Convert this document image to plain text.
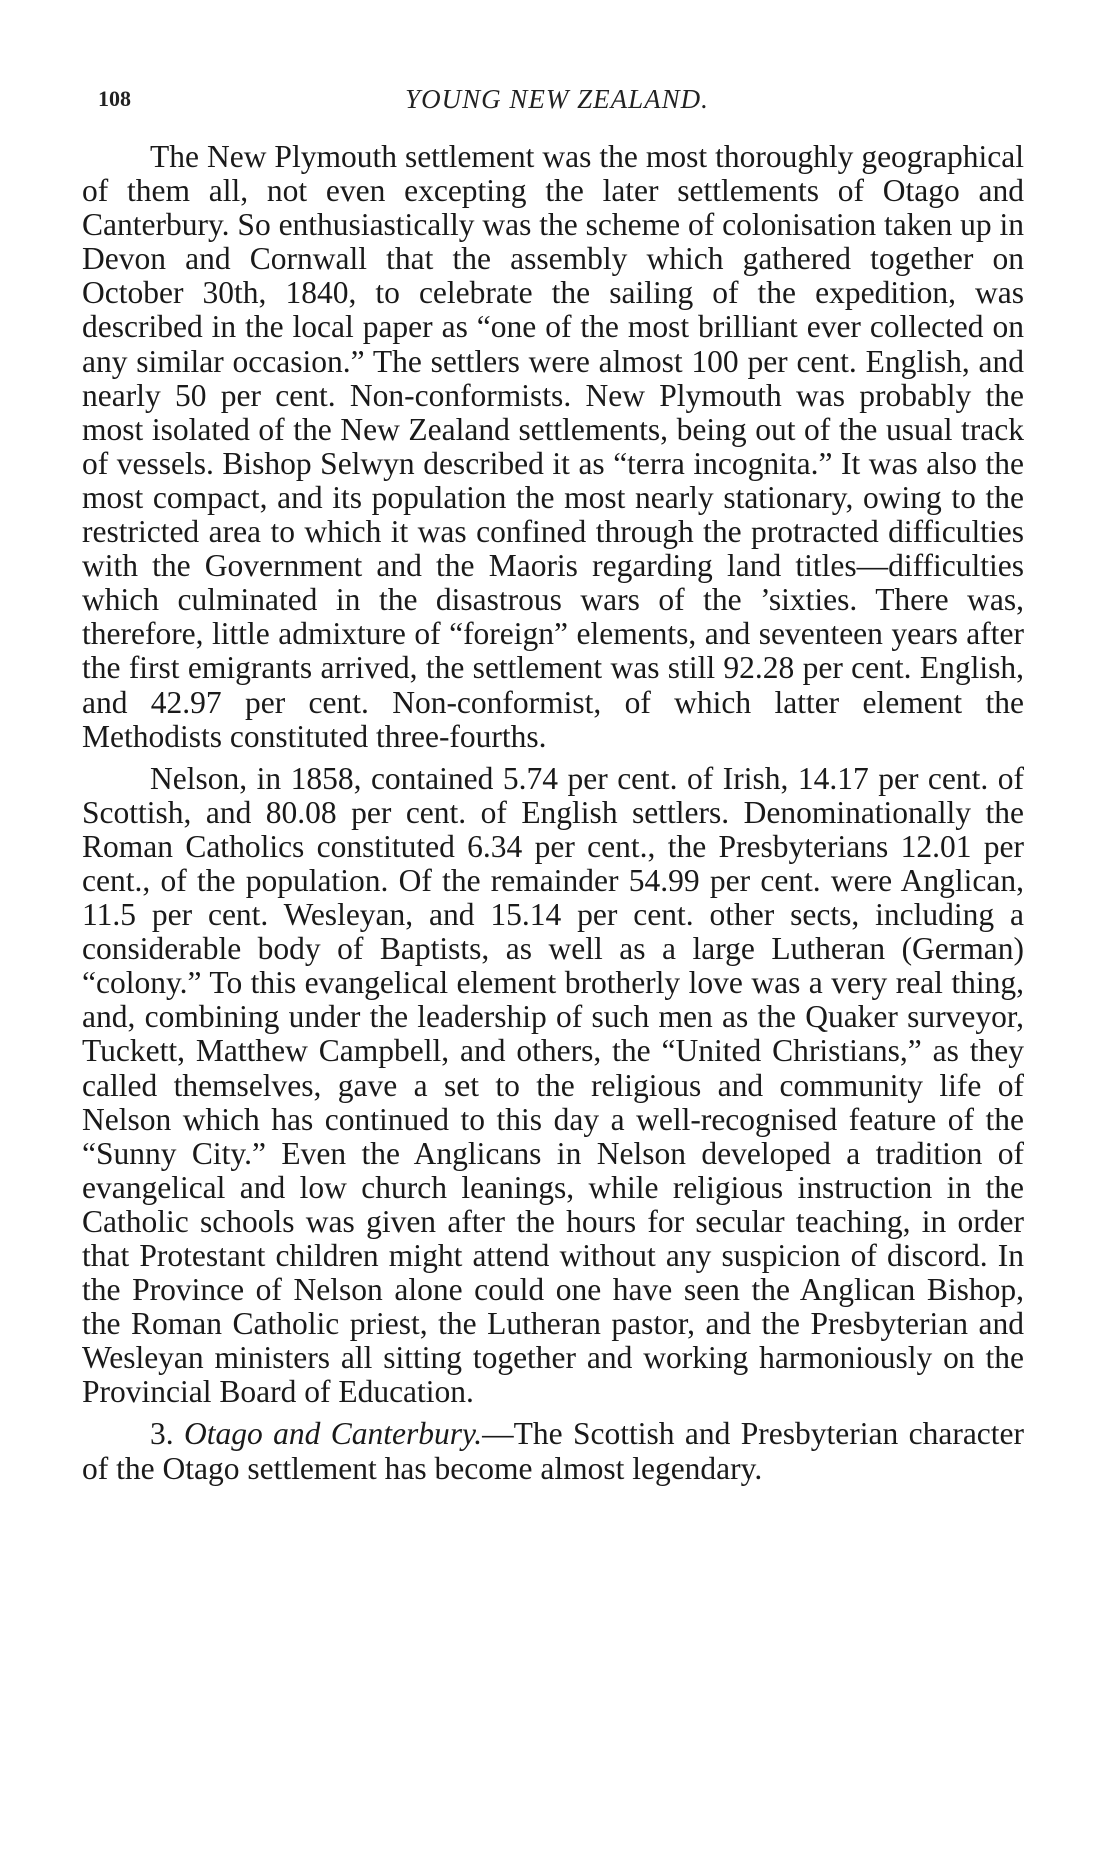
108	YOUNG NEW ZEALAND.

The New Plymouth settlement was the most thoroughly geographical of them all, not even excepting the later settlements of Otago and Canterbury. So enthusiastically was the scheme of colonisation taken up in Devon and Cornwall that the assembly which gathered together on October 30th, 1840, to celebrate the sailing of the expedition, was described in the local paper as “one of the most brilliant ever collected on any similar occasion.” The settlers were almost 100 per cent. English, and nearly 50 per cent. Non-conformists. New Plymouth was probably the most isolated of the New Zealand settlements, being out of the usual track of vessels. Bishop Selwyn described it as “terra incognita.” It was also the most compact, and its population the most nearly stationary, owing to the restricted area to which it was confined through the protracted difficulties with the Government and the Maoris regarding land titles—difficulties which culminated in the disastrous wars of the ’sixties. There was, therefore, little admixture of “foreign” elements, and seventeen years after the first emigrants arrived, the settlement was still 92.28 per cent. English, and 42.97 per cent. Non-conformist, of which latter element the Methodists constituted three-fourths.

Nelson, in 1858, contained 5.74 per cent. of Irish, 14.17 per cent. of Scottish, and 80.08 per cent. of English settlers. Denominationally the Roman Catholics constituted 6.34 per cent., the Presbyterians 12.01 per cent., of the population. Of the remainder 54.99 per cent. were Anglican, 11.5 per cent. Wesleyan, and 15.14 per cent. other sects, including a considerable body of Baptists, as well as a large Lutheran (German) “colony.” To this evangelical element brotherly love was a very real thing, and, combining under the leadership of such men as the Quaker surveyor, Tuckett, Matthew Campbell, and others, the “United Christians,” as they called themselves, gave a set to the religious and community life of Nelson which has continued to this day a well-recognised feature of the “Sunny City.” Even the Anglicans in Nelson developed a tradition of evangelical and low church leanings, while religious instruction in the Catholic schools was given after the hours for secular teaching, in order that Protestant children might attend without any suspicion of discord. In the Province of Nelson alone could one have seen the Anglican Bishop, the Roman Catholic priest, the Lutheran pastor, and the Presbyterian and Wesleyan ministers all sitting together and working harmoniously on the Provincial Board of Education.

3. Otago and Canterbury.—The Scottish and Presbyterian character of the Otago settlement has become almost legendary.
